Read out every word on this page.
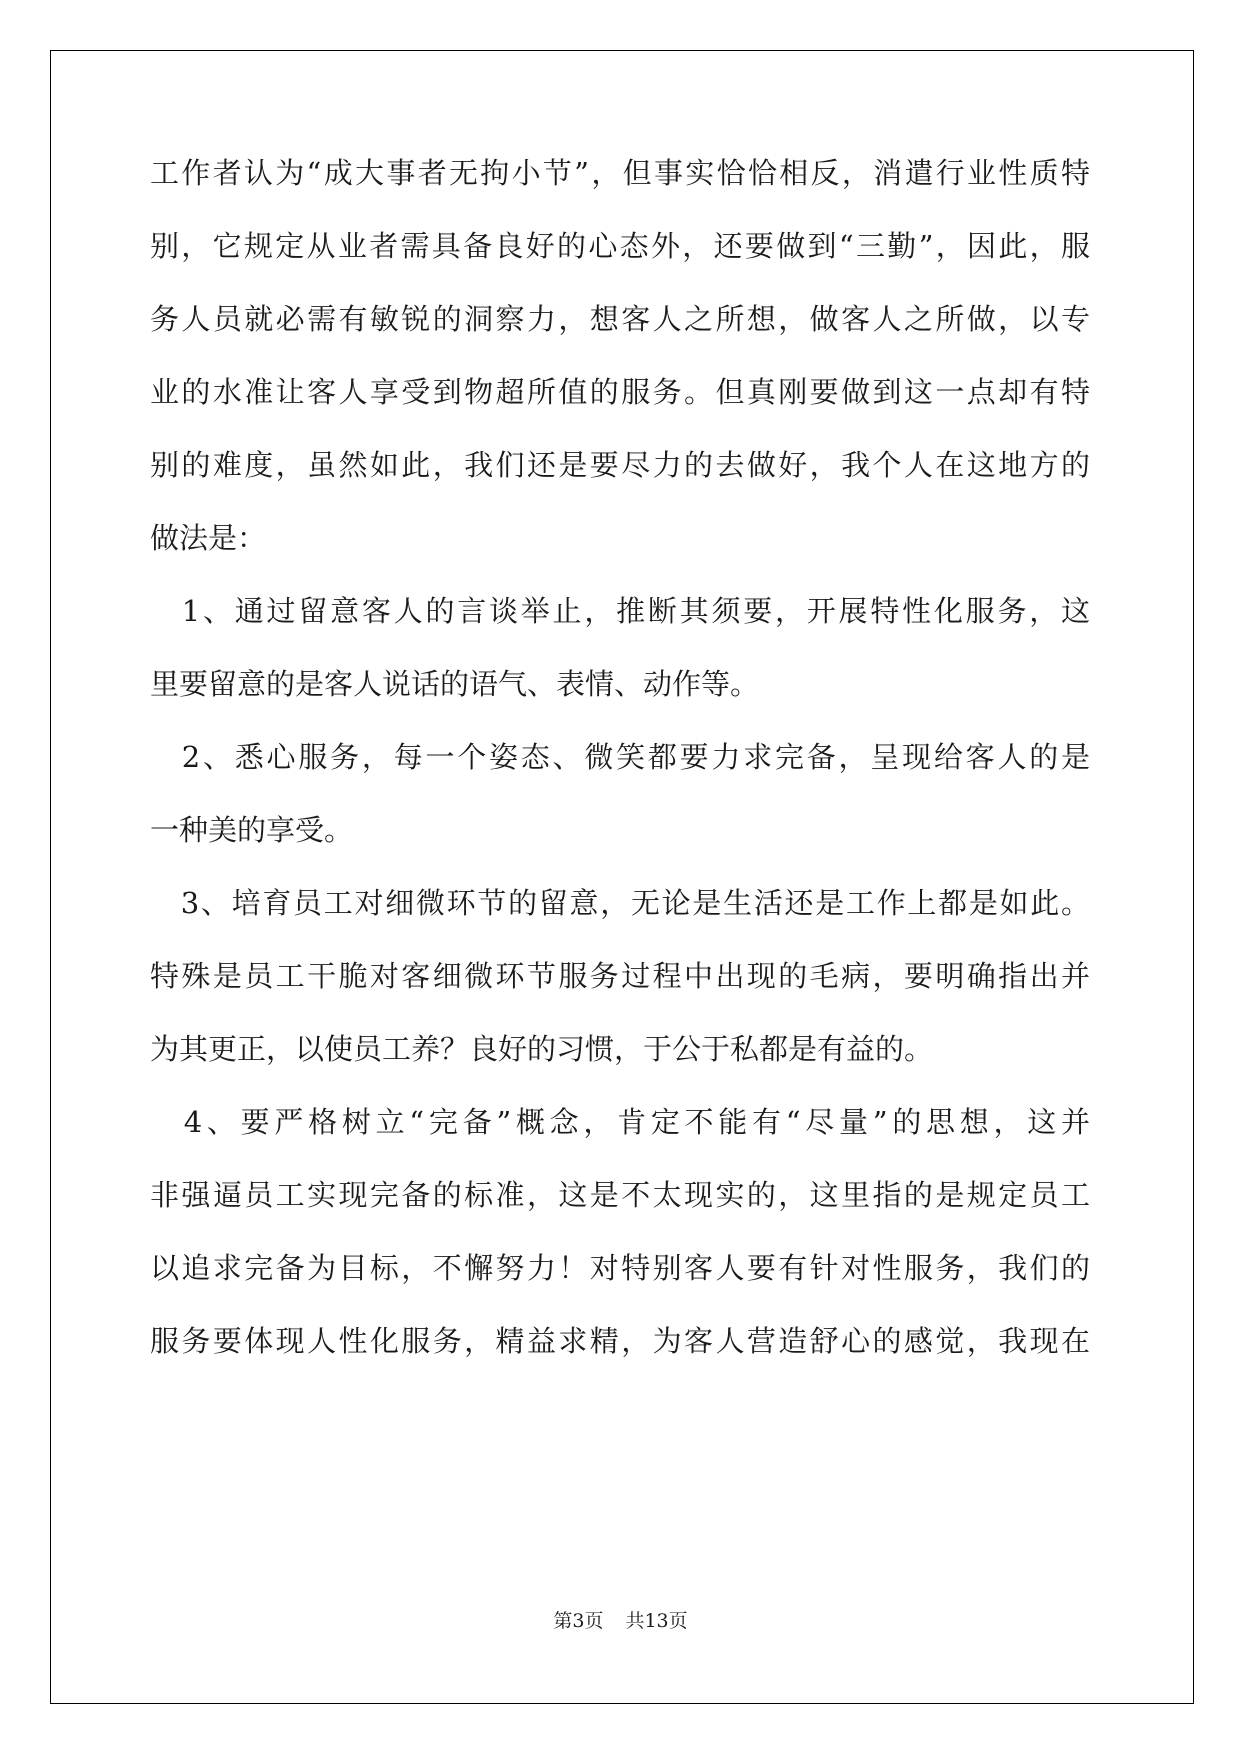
工作者认为“成大事者无拘小节”，但事实恰恰相反，消遣行业性质特
别，它规定从业者需具备良好的心态外，还要做到“三勤”，因此，服
务人员就必需有敏锐的洞察力，想客人之所想，做客人之所做，以专
业的水准让客人享受到物超所值的服务。但真刚要做到这一点却有特
别的难度，虽然如此，我们还是要尽力的去做好，我个人在这地方的
做法是：
　1、通过留意客人的言谈举止，推断其须要，开展特性化服务，这
里要留意的是客人说话的语气、表情、动作等。
　2、悉心服务，每一个姿态、微笑都要力求完备，呈现给客人的是
一种美的享受。
　3、培育员工对细微环节的留意，无论是生活还是工作上都是如此。
特殊是员工干脆对客细微环节服务过程中出现的毛病，要明确指出并
为其更正，以使员工养？良好的习惯，于公于私都是有益的。
　4、要严格树立“完备”概念，肯定不能有“尽量”的思想，这并
非强逼员工实现完备的标准，这是不太现实的，这里指的是规定员工
以追求完备为目标，不懈努力！对特别客人要有针对性服务，我们的
服务要体现人性化服务，精益求精，为客人营造舒心的感觉，我现在
第3页 共13页
